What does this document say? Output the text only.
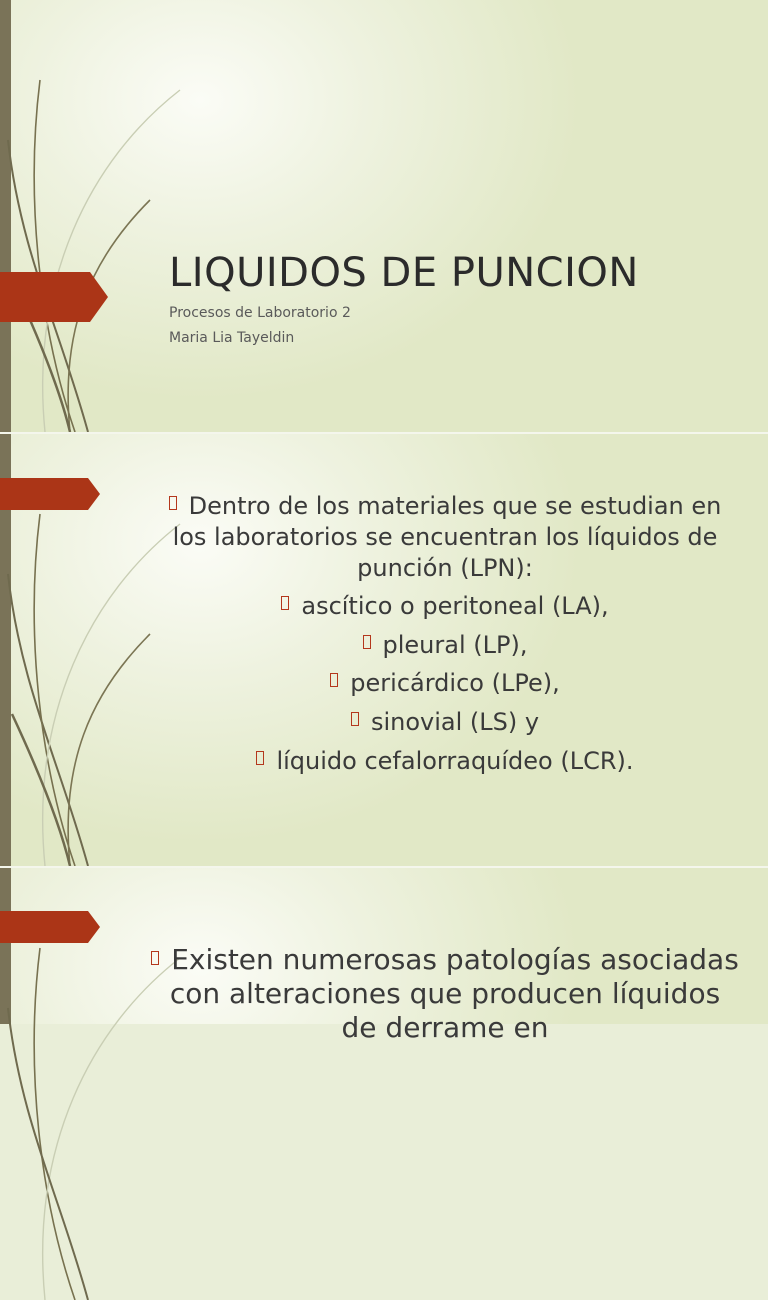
LIQUIDOS DE PUNCION
Procesos de Laboratorio 2
Maria Lia Tayeldin

Dentro de los materiales que se estudian en los laboratorios se encuentran los líquidos de punción (LPN):

ascítico o peritoneal (LA),

pleural (LP),

pericárdico (LPe),

sinovial (LS) y

líquido cefalorraquídeo (LCR).

Existen numerosas patologías asociadas con alteraciones que producen líquidos de derrame en
